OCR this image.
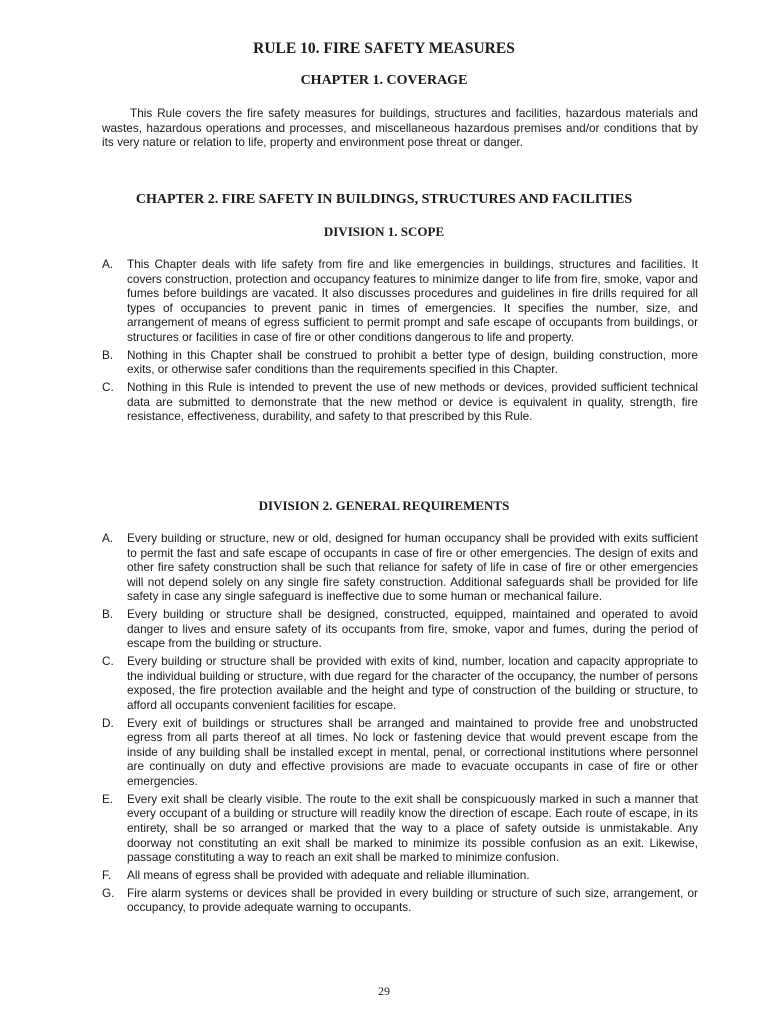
RULE 10. FIRE SAFETY MEASURES
CHAPTER 1. COVERAGE

This Rule covers the fire safety measures for buildings, structures and facilities, hazardous materials and wastes, hazardous operations and processes, and miscellaneous hazardous premises and/or conditions that by its very nature or relation to life, property and environment pose threat or danger.

CHAPTER 2. FIRE SAFETY IN BUILDINGS, STRUCTURES AND FACILITIES
DIVISION 1. SCOPE
A. This Chapter deals with life safety from fire and like emergencies in buildings, structures and facilities. It covers construction, protection and occupancy features to minimize danger to life from fire, smoke, vapor and fumes before buildings are vacated. It also discusses procedures and guidelines in fire drills required for all types of occupancies to prevent panic in times of emergencies. It specifies the number, size, and arrangement of means of egress sufficient to permit prompt and safe escape of occupants from buildings, or structures or facilities in case of fire or other conditions dangerous to life and property.
B. Nothing in this Chapter shall be construed to prohibit a better type of design, building construction, more exits, or otherwise safer conditions than the requirements specified in this Chapter.
C. Nothing in this Rule is intended to prevent the use of new methods or devices, provided sufficient technical data are submitted to demonstrate that the new method or device is equivalent in quality, strength, fire resistance, effectiveness, durability, and safety to that prescribed by this Rule.
DIVISION 2. GENERAL REQUIREMENTS
A. Every building or structure, new or old, designed for human occupancy shall be provided with exits sufficient to permit the fast and safe escape of occupants in case of fire or other emergencies. The design of exits and other fire safety construction shall be such that reliance for safety of life in case of fire or other emergencies will not depend solely on any single fire safety construction. Additional safeguards shall be provided for life safety in case any single safeguard is ineffective due to some human or mechanical failure.
B. Every building or structure shall be designed, constructed, equipped, maintained and operated to avoid danger to lives and ensure safety of its occupants from fire, smoke, vapor and fumes, during the period of escape from the building or structure.
C. Every building or structure shall be provided with exits of kind, number, location and capacity appropriate to the individual building or structure, with due regard for the character of the occupancy, the number of persons exposed, the fire protection available and the height and type of construction of the building or structure, to afford all occupants convenient facilities for escape.
D. Every exit of buildings or structures shall be arranged and maintained to provide free and unobstructed egress from all parts thereof at all times. No lock or fastening device that would prevent escape from the inside of any building shall be installed except in mental, penal, or correctional institutions where personnel are continually on duty and effective provisions are made to evacuate occupants in case of fire or other emergencies.
E. Every exit shall be clearly visible. The route to the exit shall be conspicuously marked in such a manner that every occupant of a building or structure will readily know the direction of escape. Each route of escape, in its entirety, shall be so arranged or marked that the way to a place of safety outside is unmistakable. Any doorway not constituting an exit shall be marked to minimize its possible confusion as an exit. Likewise, passage constituting a way to reach an exit shall be marked to minimize confusion.
F. All means of egress shall be provided with adequate and reliable illumination.
G. Fire alarm systems or devices shall be provided in every building or structure of such size, arrangement, or occupancy, to provide adequate warning to occupants.

29
